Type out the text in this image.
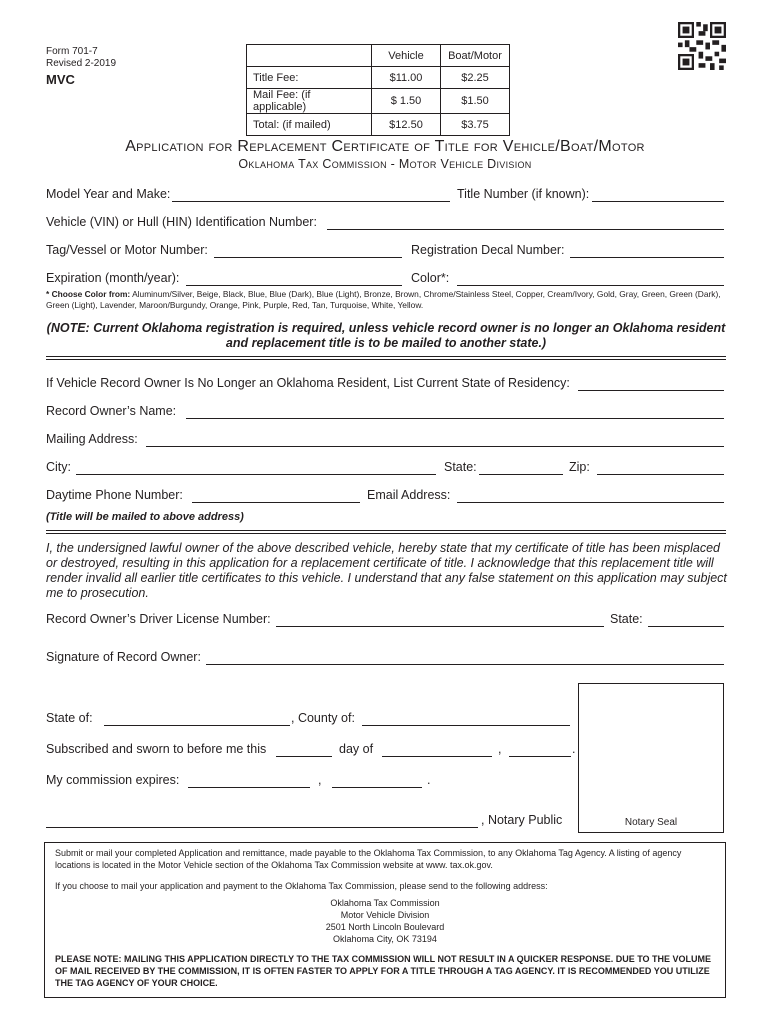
Form 701-7
Revised 2-2019
MVC
	Vehicle	Boat/Motor
Title Fee:	$11.00	$2.25
Mail Fee: (if applicable)	$ 1.50	$1.50
Total: (if mailed)	$12.50	$3.75
Application for Replacement Certificate of Title for Vehicle/Boat/Motor
Oklahoma Tax Commission - Motor Vehicle Division
Model Year and Make:	Title Number (if known):
Vehicle (VIN) or Hull (HIN) Identification Number:
Tag/Vessel or Motor Number:	Registration Decal Number:
Expiration (month/year):	Color*:
* Choose Color from: Aluminum/Silver, Beige, Black, Blue, Blue (Dark), Blue (Light), Bronze, Brown, Chrome/Stainless Steel, Copper, Cream/Ivory, Gold, Gray, Green, Green (Dark), Green (Light), Lavender, Maroon/Burgundy, Orange, Pink, Purple, Red, Tan, Turquoise, White, Yellow.
(NOTE: Current Oklahoma registration is required, unless vehicle record owner is no longer an Oklahoma resident and replacement title is to be mailed to another state.)
If Vehicle Record Owner Is No Longer an Oklahoma Resident, List Current State of Residency:
Record Owner’s Name:
Mailing Address:
City:	State:	Zip:
Daytime Phone Number:	Email Address:
(Title will be mailed to above address)
I, the undersigned lawful owner of the above described vehicle, hereby state that my certificate of title has been misplaced or destroyed, resulting in this application for a replacement certificate of title. I acknowledge that this replacement title will render invalid all earlier title certificates to this vehicle. I understand that any false statement on this application may subject me to prosecution.
Record Owner’s Driver License Number:	State:
Signature of Record Owner:
Notary Seal
State of:	, County of:
Subscribed and sworn to before me this	day of	,	.
My commission expires:	,	.
, Notary Public
Submit or mail your completed Application and remittance, made payable to the Oklahoma Tax Commission, to any Oklahoma Tag Agency. A listing of agency locations is located in the Motor Vehicle section of the Oklahoma Tax Commission website at www. tax.ok.gov.
If you choose to mail your application and payment to the Oklahoma Tax Commission, please send to the following address:
Oklahoma Tax Commission
Motor Vehicle Division
2501 North Lincoln Boulevard
Oklahoma City, OK 73194
PLEASE NOTE: MAILING THIS APPLICATION DIRECTLY TO THE TAX COMMISSION WILL NOT RESULT IN A QUICKER RESPONSE. DUE TO THE VOLUME OF MAIL RECEIVED BY THE COMMISSION, IT IS OFTEN FASTER TO APPLY FOR A TITLE THROUGH A TAG AGENCY. IT IS RECOMMENDED YOU UTILIZE THE TAG AGENCY OF YOUR CHOICE.
